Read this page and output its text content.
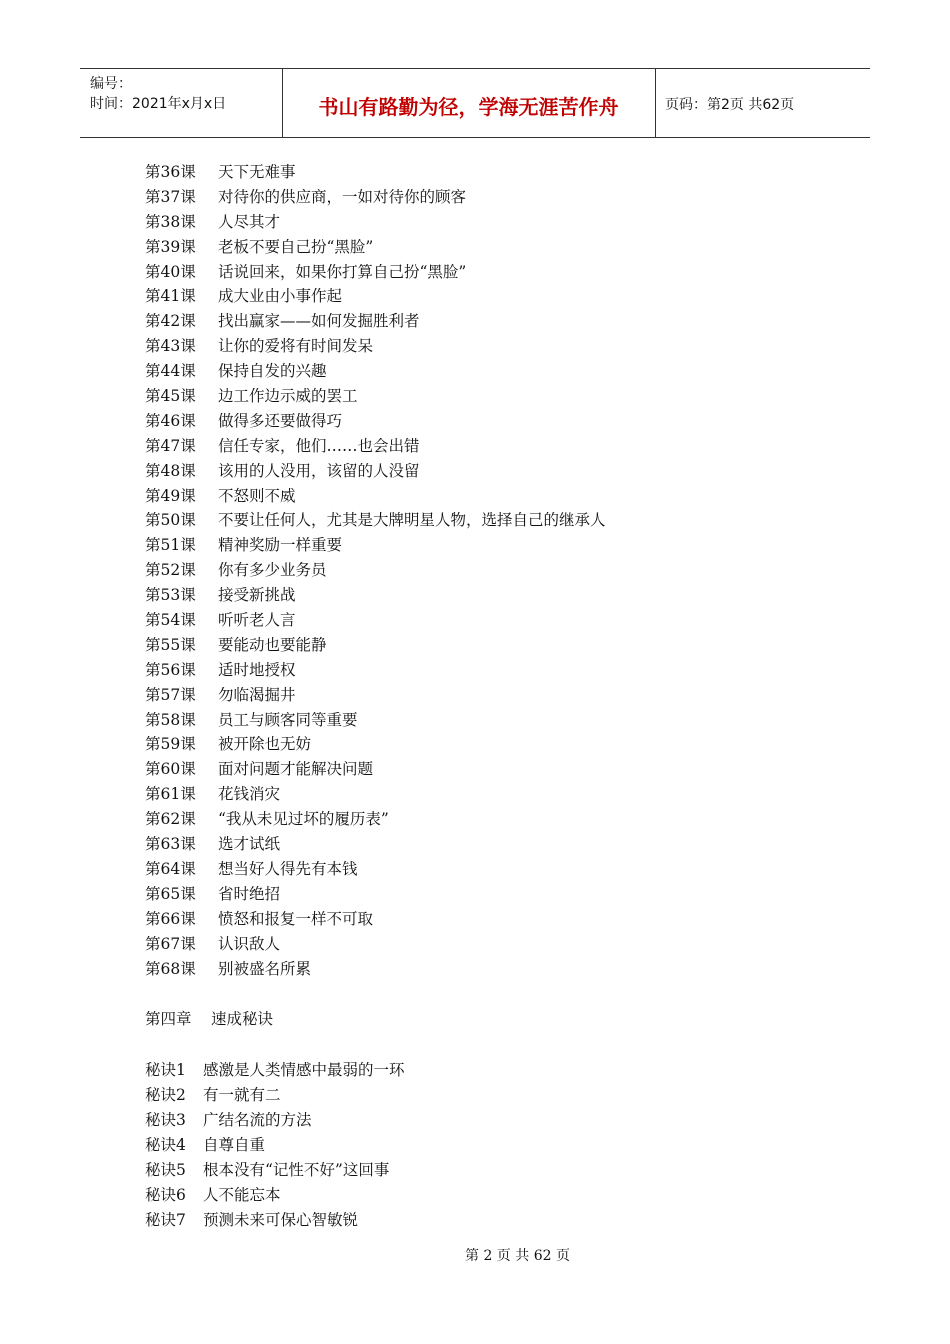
编号：
时间：2021年x月x日	书山有路勤为径，学海无涯苦作舟	页码：第2页 共62页
第36课 天下无难事
第37课 对待你的供应商，一如对待你的顾客
第38课 人尽其才
第39课 老板不要自己扮“黑脸”
第40课 话说回来，如果你打算自己扮“黑脸”
第41课 成大业由小事作起
第42课 找出赢家——如何发掘胜利者
第43课 让你的爱将有时间发呆
第44课 保持自发的兴趣
第45课 边工作边示威的罢工
第46课 做得多还要做得巧
第47课 信任专家，他们……也会出错
第48课 该用的人没用，该留的人没留
第49课 不怒则不威
第50课 不要让任何人，尤其是大牌明星人物，选择自己的继承人
第51课 精神奖励一样重要
第52课 你有多少业务员
第53课 接受新挑战
第54课 听听老人言
第55课 要能动也要能静
第56课 适时地授权
第57课 勿临渴掘井
第58课 员工与顾客同等重要
第59课 被开除也无妨
第60课 面对问题才能解决问题
第61课 花钱消灾
第62课 “我从未见过坏的履历表”
第63课 选才试纸
第64课 想当好人得先有本钱
第65课 省时绝招
第66课 愤怒和报复一样不可取
第67课 认识敌人
第68课 别被盛名所累
第四章 速成秘诀
秘诀1 感激是人类情感中最弱的一环
秘诀2 有一就有二
秘诀3 广结名流的方法
秘诀4 自尊自重
秘诀5 根本没有“记性不好”这回事
秘诀6 人不能忘本
秘诀7 预测未来可保心智敏锐
第 2 页 共 62 页
